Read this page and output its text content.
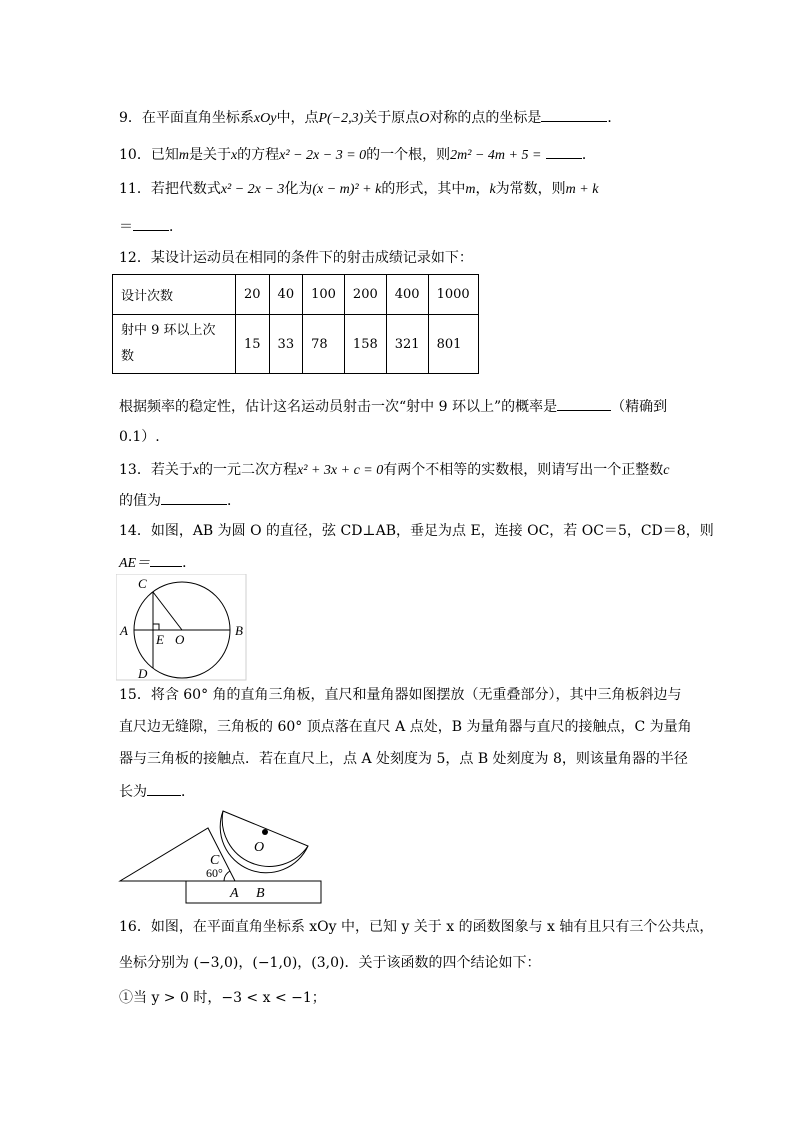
9．在平面直角坐标系xOy中，点P(−2,3)关于原点O对称的点的坐标是	．
10．已知m是关于x的方程x² − 2x − 3 = 0的一个根，则2m² − 4m + 5 =	．
11．若把代数式x² − 2x − 3化为(x − m)² + k的形式，其中m，k为常数，则m + k
＝	．
12．某设计运动员在相同的条件下的射击成绩记录如下：
设计次数	20	40	100	200	400	1000

射中 9 环以上次
数	15	33	78	158	321	801
根据频率的稳定性，估计这名运动员射击一次“射中 9 环以上”的概率是	（精确到
0.1）.
13．若关于x的一元二次方程x² + 3x + c = 0有两个不相等的实数根，则请写出一个正整数c
的值为	．
14．如图，AB 为圆 O 的直径，弦 CD⊥AB，垂足为点 E，连接 OC，若 OC＝5，CD＝8，则
AE＝ ．
C
A
E O
B
D
15．将含 60° 角的直角三角板，直尺和量角器如图摆放（无重叠部分），其中三角板斜边与
直尺边无缝隙，三角板的 60° 顶点落在直尺 A 点处，B 为量角器与直尺的接触点，C 为量角
器与三角板的接触点．若在直尺上，点 A 处刻度为 5，点 B 处刻度为 8，则该量角器的半径
长为 ．
O
C
60°
A B
16．如图，在平面直角坐标系 xOy 中，已知 y 关于 x 的函数图象与 x 轴有且只有三个公共点，
坐标分别为 (−3,0)，(−1,0)，(3,0)．关于该函数的四个结论如下：
①当 y > 0 时，−3 < x < −1；
